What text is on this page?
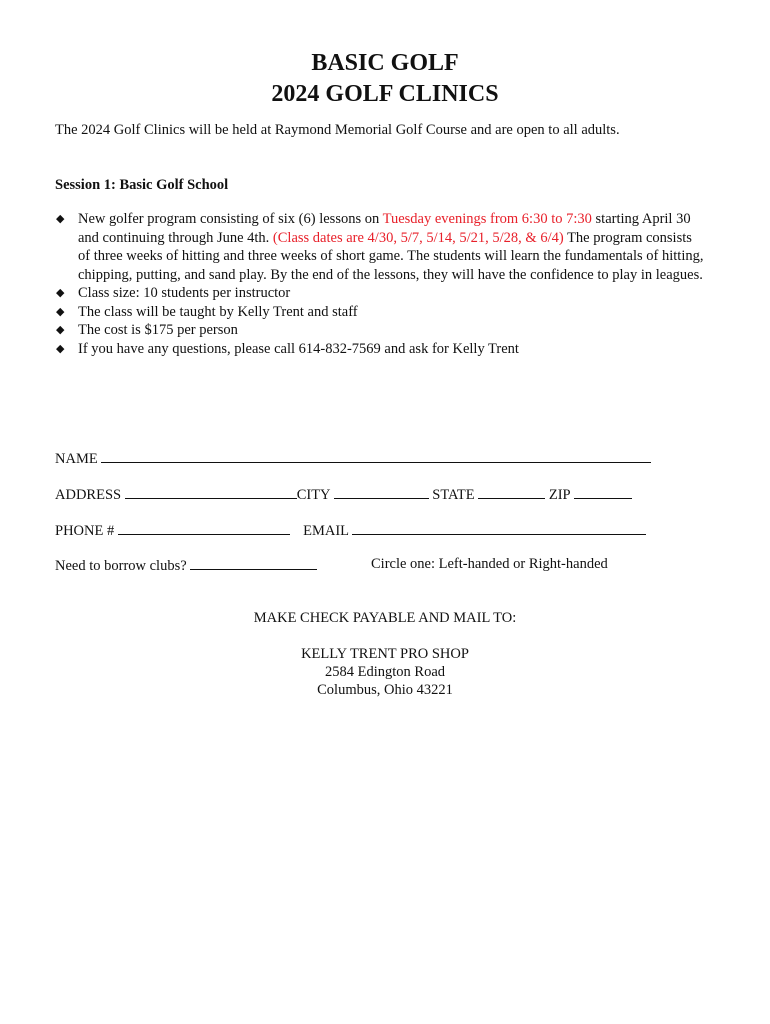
BASIC GOLF
2024 GOLF CLINICS
The 2024 Golf Clinics will be held at Raymond Memorial Golf Course and are open to all adults.
Session 1: Basic Golf School
◆ New golfer program consisting of six (6) lessons on Tuesday evenings from 6:30 to 7:30 starting April 30 and continuing through June 4th. (Class dates are 4/30, 5/7, 5/14, 5/21, 5/28, & 6/4) The program consists of three weeks of hitting and three weeks of short game. The students will learn the fundamentals of hitting, chipping, putting, and sand play. By the end of the lessons, they will have the confidence to play in leagues.
◆ Class size: 10 students per instructor
◆ The class will be taught by Kelly Trent and staff
◆ The cost is $175 per person
◆ If you have any questions, please call 614-832-7569 and ask for Kelly Trent
NAME
ADDRESS	CITY	STATE	ZIP
PHONE #	EMAIL
Need to borrow clubs?	Circle one: Left-handed or Right-handed
MAKE CHECK PAYABLE AND MAIL TO:
KELLY TRENT PRO SHOP
2584 Edington Road
Columbus, Ohio 43221
